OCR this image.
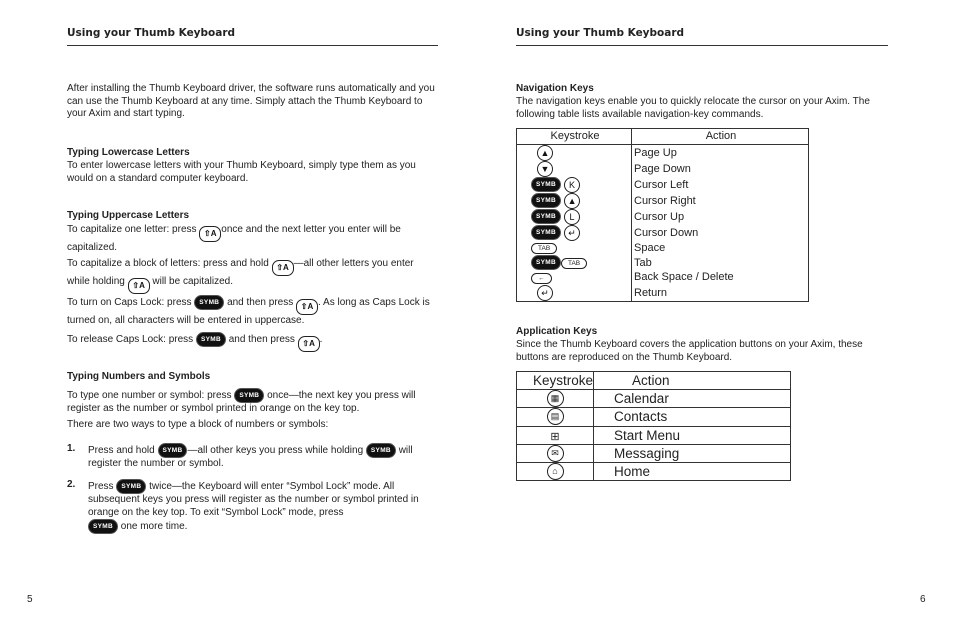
Using your Thumb Keyboard
After installing the Thumb Keyboard driver, the software runs automatically and you can use the Thumb Keyboard at any time. Simply attach the Thumb Keyboard to your Axim and start typing.
Typing Lowercase Letters
To enter lowercase letters with your Thumb Keyboard, simply type them as you would on a standard computer keyboard.
Typing Uppercase Letters
To capitalize one letter: press ⇧A once and the next letter you enter will be capitalized.
To capitalize a block of letters: press and hold ⇧A —all other letters you enter while holding ⇧A will be capitalized.
To turn on Caps Lock: press SYMB and then press ⇧A . As long as Caps Lock is turned on, all characters will be entered in uppercase.
To release Caps Lock: press SYMB and then press ⇧A .
Typing Numbers and Symbols
To type one number or symbol: press SYMB once—the next key you press will register as the number or symbol printed in orange on the key top.
There are two ways to type a block of numbers or symbols:
1. Press and hold SYMB —all other keys you press while holding SYMB will register the number or symbol.
2. Press SYMB twice—the Keyboard will enter “Symbol Lock” mode. All subsequent keys you press will register as the number or symbol printed in orange on the key top. To exit “Symbol Lock” mode, press
SYMB one more time.
5
Using your Thumb Keyboard
Navigation Keys
The navigation keys enable you to quickly relocate the cursor on your Axim. The following table lists available navigation-key commands.
Keystroke	Action
▲	Page Up
▼	Page Down
SYMB K	Cursor Left
SYMB ▲	Cursor Right
SYMB L	Cursor Up
SYMB ↵	Cursor Down
TAB	Space
SYMB TAB	Tab
←	Back Space / Delete
↵	Return
Application Keys
Since the Thumb Keyboard covers the application buttons on your Axim, these buttons are reproduced on the Thumb Keyboard.
Keystroke	Action
▦	Calendar
▤	Contacts
⊞	Start Menu
✉	Messaging
⌂	Home
6
